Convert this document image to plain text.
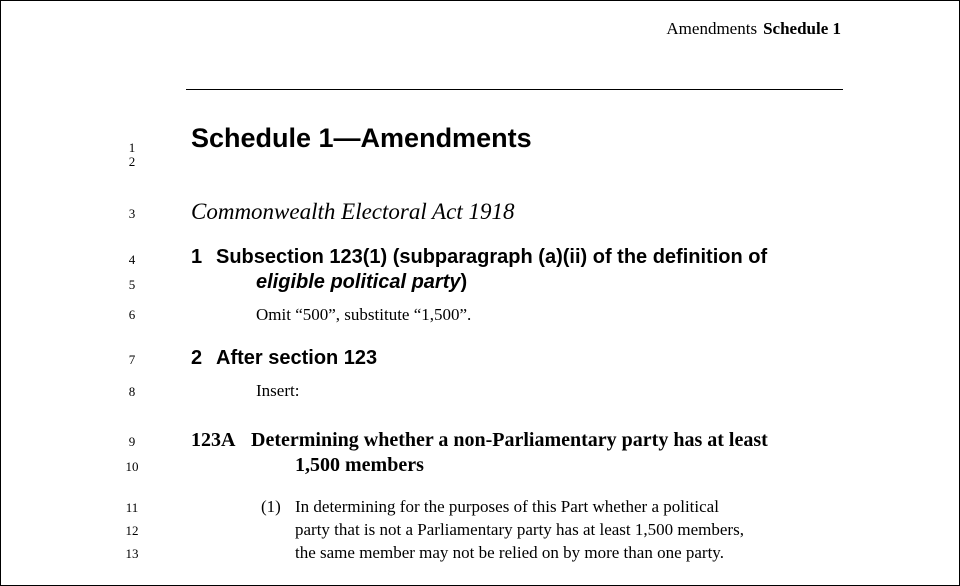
Amendments Schedule 1
1
2
3
4
5
6
7
8
9
10
11
12
13
Schedule 1—Amendments
Commonwealth Electoral Act 1918
1 Subsection 123(1) (subparagraph (a)(ii) of the definition of
eligible political party)
Omit “500”, substitute “1,500”.
2 After section 123
Insert:
123A Determining whether a non-Parliamentary party has at least
1,500 members
(1) In determining for the purposes of this Part whether a political
party that is not a Parliamentary party has at least 1,500 members,
the same member may not be relied on by more than one party.
